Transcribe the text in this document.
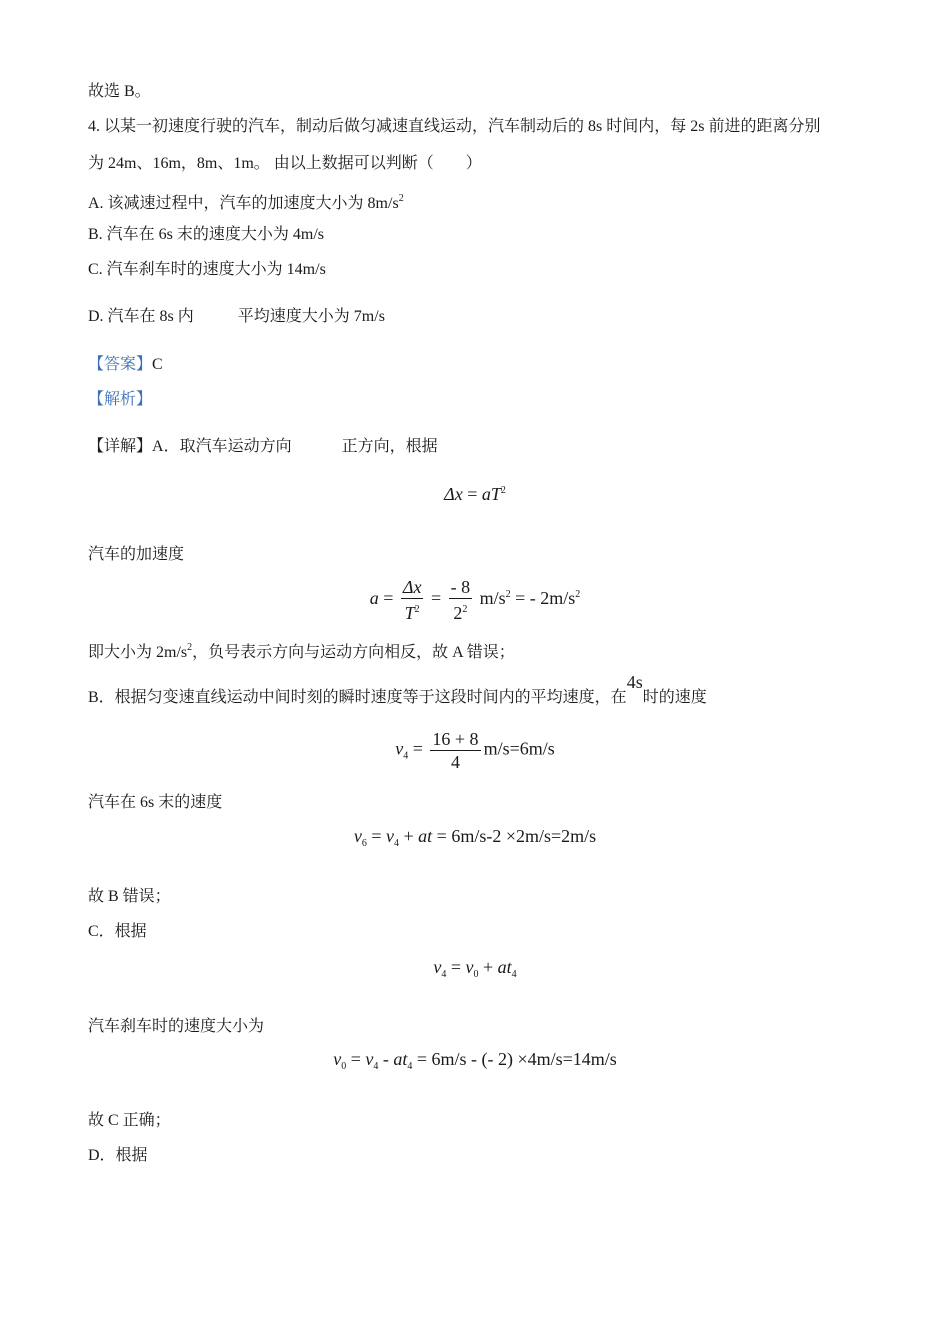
故选 B。
4. 以某一初速度行驶的汽车，制动后做匀减速直线运动，汽车制动后的 8s 时间内，每 2s 前进的距离分别
为 24m、16m，8m、1m。 由以上数据可以判断（　　）
A. 该减速过程中，汽车的加速度大小为 $8m/s^2$
B. 汽车在 6s 末的速度大小为 4m/s
C. 汽车刹车时的速度大小为 14m/s
D. 汽车在 8s 内	平均速度大小为 7m/s
【答案】C
【解析】
【详解】A．取汽车运动方向	正方向，根据
$\Delta x = aT^2$
汽车的加速度
$a = \frac{\Delta x}{T^2} = \frac{- 8}{2^2} m/s^2$ = - $2m/s^2$
即大小为 $2m/s^2$，负号表示方向与运动方向相反，故 A 错误；
B．根据匀变速直线运动中间时刻的瞬时速度等于这段时间内的平均速度，在4s时的速度
$v_4 = \frac{16 + 8}{4} m/s=6m/s$
汽车在 6s 末的速度
$v_6 = v_4$ + at = 6m/s-2 ×2m/s=2m/s
故 B 错误；
C．根据
$v_4 = v_0 + at_4$
汽车刹车时的速度大小为
$v_0 = v_4 - at_4 = 6m/s$ - (- 2) ×4m/s=14m/s
故 C 正确；
D．根据
